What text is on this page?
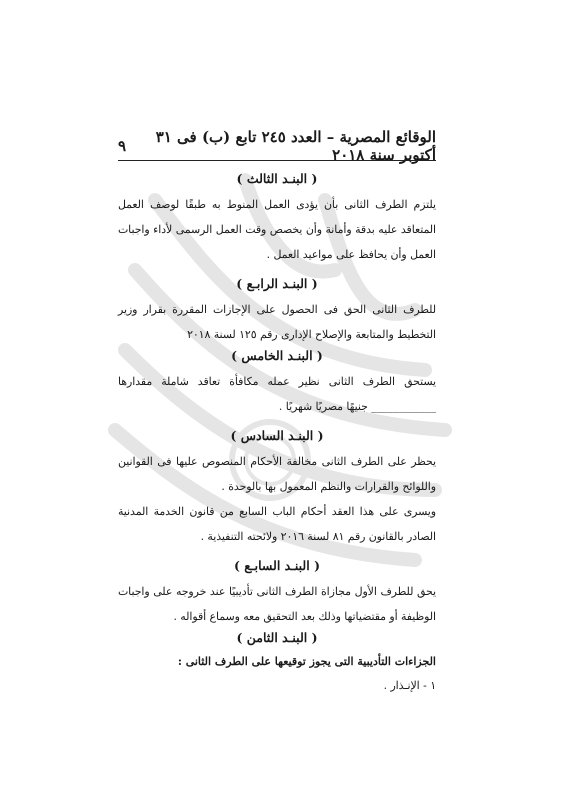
الوقائع المصرية – العدد ٢٤٥ تابع (ب) فى ٣١ أكتوبر سنة ٢٠١٨
٩
( البنـد الثالث )
يلتزم الطرف الثانى بأن يؤدى العمل المنوط به طبقًا لوصف العمل المتعاقد عليه بدقة وأمانة وأن يخصص وقت العمل الرسمى لأداء واجبات العمل وأن يحافظ على مواعيد العمل .
( البنـد الرابـع )
للطرف الثانى الحق فى الحصول على الإجازات المقررة بقرار وزير التخطيط والمتابعة والإصلاح الإدارى رقم ١٢٥ لسنة ٢٠١٨
( البنـد الخامس )
يستحق الطرف الثانى نظير عمله مكافأة تعاقد شاملة مقدارها ____________ جنيهًا مصريًا شهريًا .
( البنـد السادس )
يحظر على الطرف الثانى مخالفة الأحكام المنصوص عليها فى القوانين واللوائح والقرارات والنظم المعمول بها بالوحدة .
ويسرى على هذا العقد أحكام الباب السابع من قانون الخدمة المدنية الصادر بالقانون رقم ٨١ لسنة ٢٠١٦ ولائحته التنفيذية .
( البنـد السابـع )
يحق للطرف الأول مجازاة الطرف الثانى تأديبيًا عند خروجه على واجبات الوظيفة أو مقتضياتها وذلك بعد التحقيق معه وسماع أقواله .
( البنـد الثامن )
الجزاءات التأديبية التى يجوز توقيعها على الطرف الثانى :
١ - الإنـذار .
